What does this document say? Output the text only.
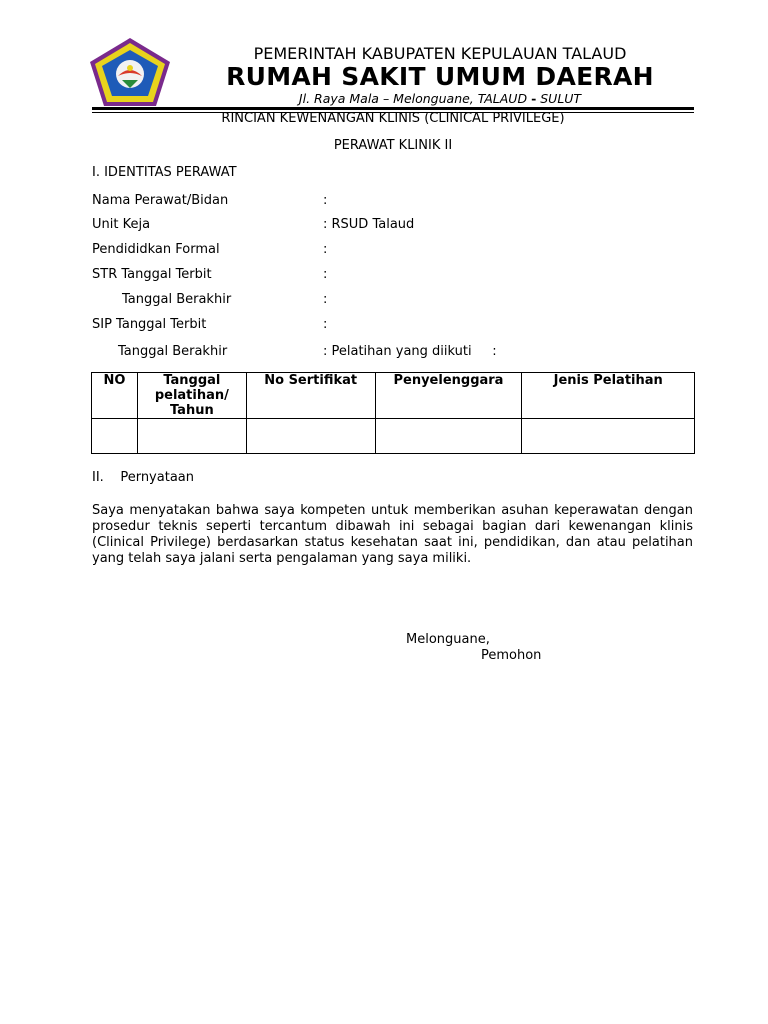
PEMERINTAH KABUPATEN KEPULAUAN TALAUD
RUMAH SAKIT UMUM DAERAH
Jl. Raya Mala – Melonguane, TALAUD - SULUT
RINCIAN KEWENANGAN KLINIS (CLINICAL PRIVILEGE)
PERAWAT KLINIK II
I. IDENTITAS PERAWAT
Nama Perawat/Bidan	:
Unit Keja	: RSUD Talaud
Pendididkan Formal	:
STR Tanggal Terbit	:
Tanggal Berakhir	:
SIP Tanggal Terbit	:
Tanggal Berakhir	: Pelatihan yang diikuti     :
NO	Tanggal pelatihan/ Tahun	No Sertifikat	Penyelenggara	Jenis Pelatihan

II.    Pernyataan
Saya menyatakan bahwa saya kompeten untuk memberikan asuhan keperawatan dengan prosedur teknis seperti tercantum dibawah ini sebagai bagian dari kewenangan klinis (Clinical Privilege) berdasarkan status kesehatan saat ini, pendidikan, dan atau pelatihan yang telah saya jalani serta pengalaman yang saya miliki.
Melonguane,
Pemohon
